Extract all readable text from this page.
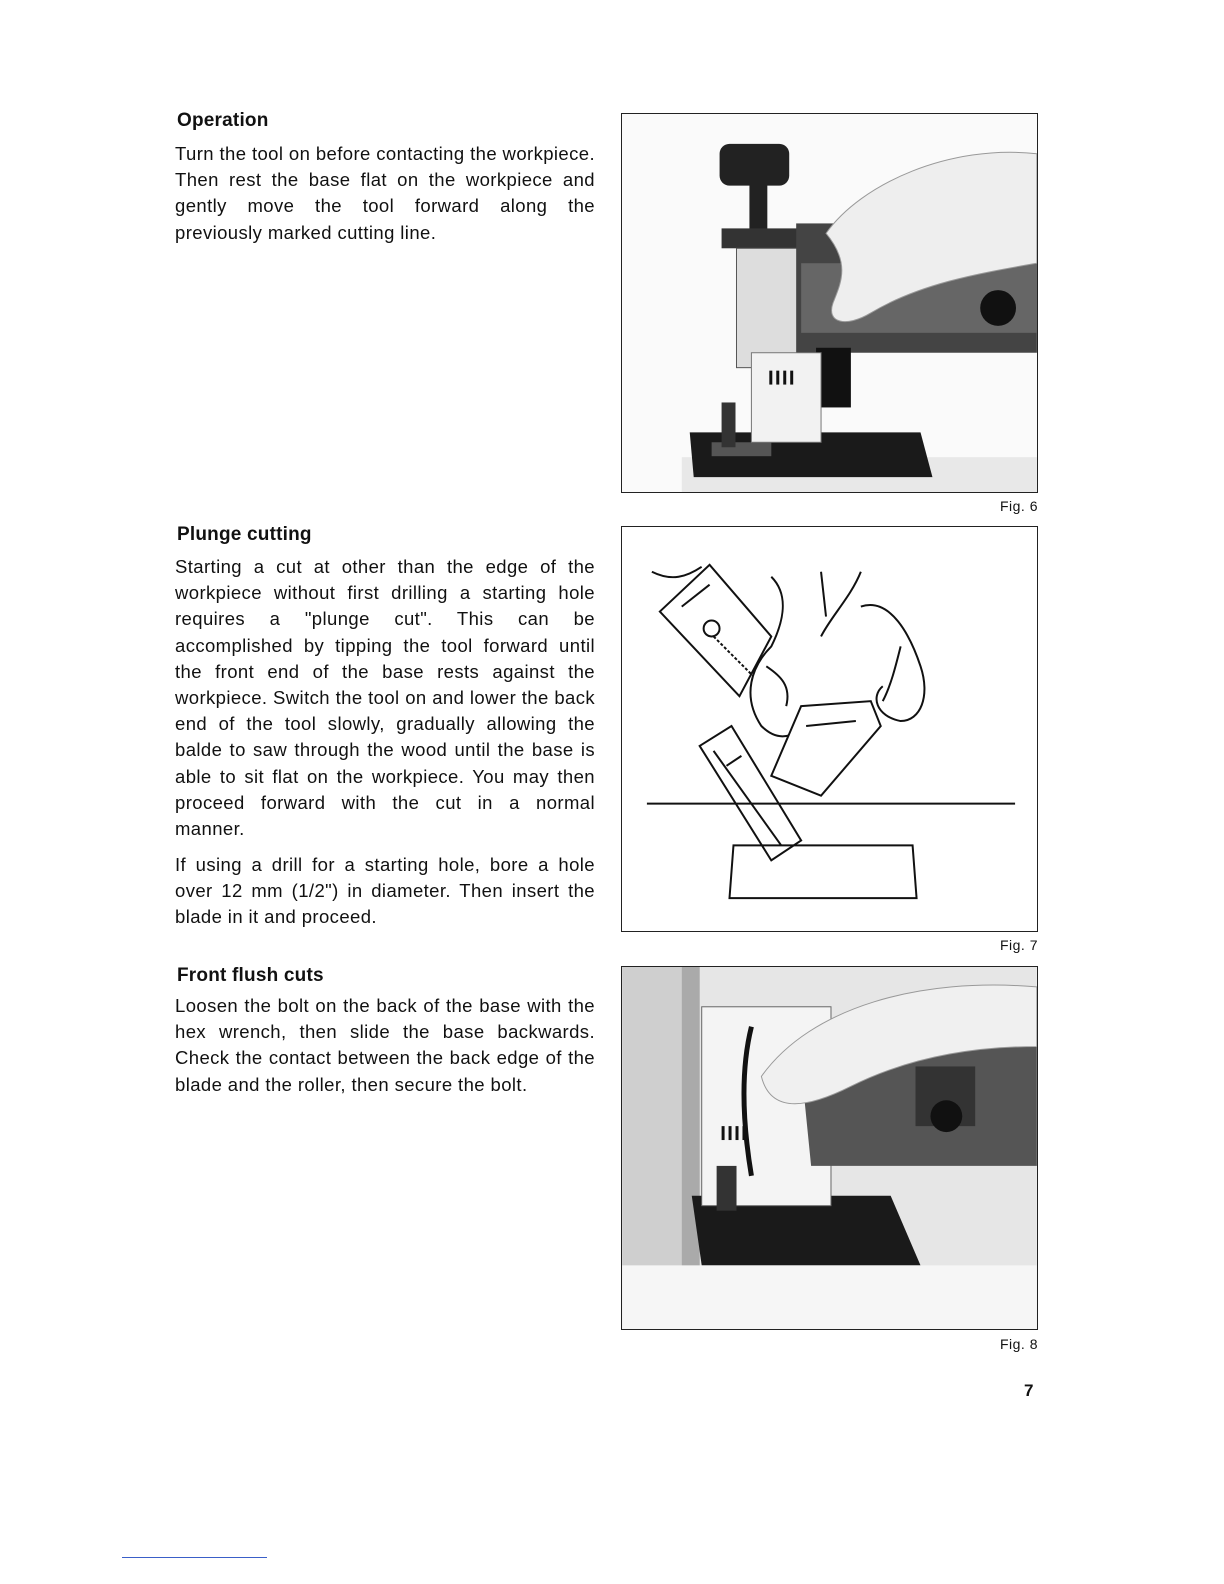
Operation

Turn the tool on before contacting the workpiece. Then rest the base flat on the workpiece and gently move the tool forward along the previously marked cutting line.

Plunge cutting

Starting a cut at other than the edge of the workpiece without first drilling a starting hole requires a "plunge cut". This can be accomplished by tipping the tool forward until the front end of the base rests against the workpiece. Switch the tool on and lower the back end of the tool slowly, gradually allowing the balde to saw through the wood until the base is able to sit flat on the workpiece. You may then proceed forward with the cut in a normal manner.

If using a drill for a starting hole, bore a hole over 12 mm (1/2") in diameter. Then insert the blade in it and proceed.

Front flush cuts

Loosen the bolt on the back of the base with the hex wrench, then slide the base backwards. Check the contact between the back edge of the blade and the roller, then secure the bolt.

Fig. 6

Fig. 7

Fig. 8

7
